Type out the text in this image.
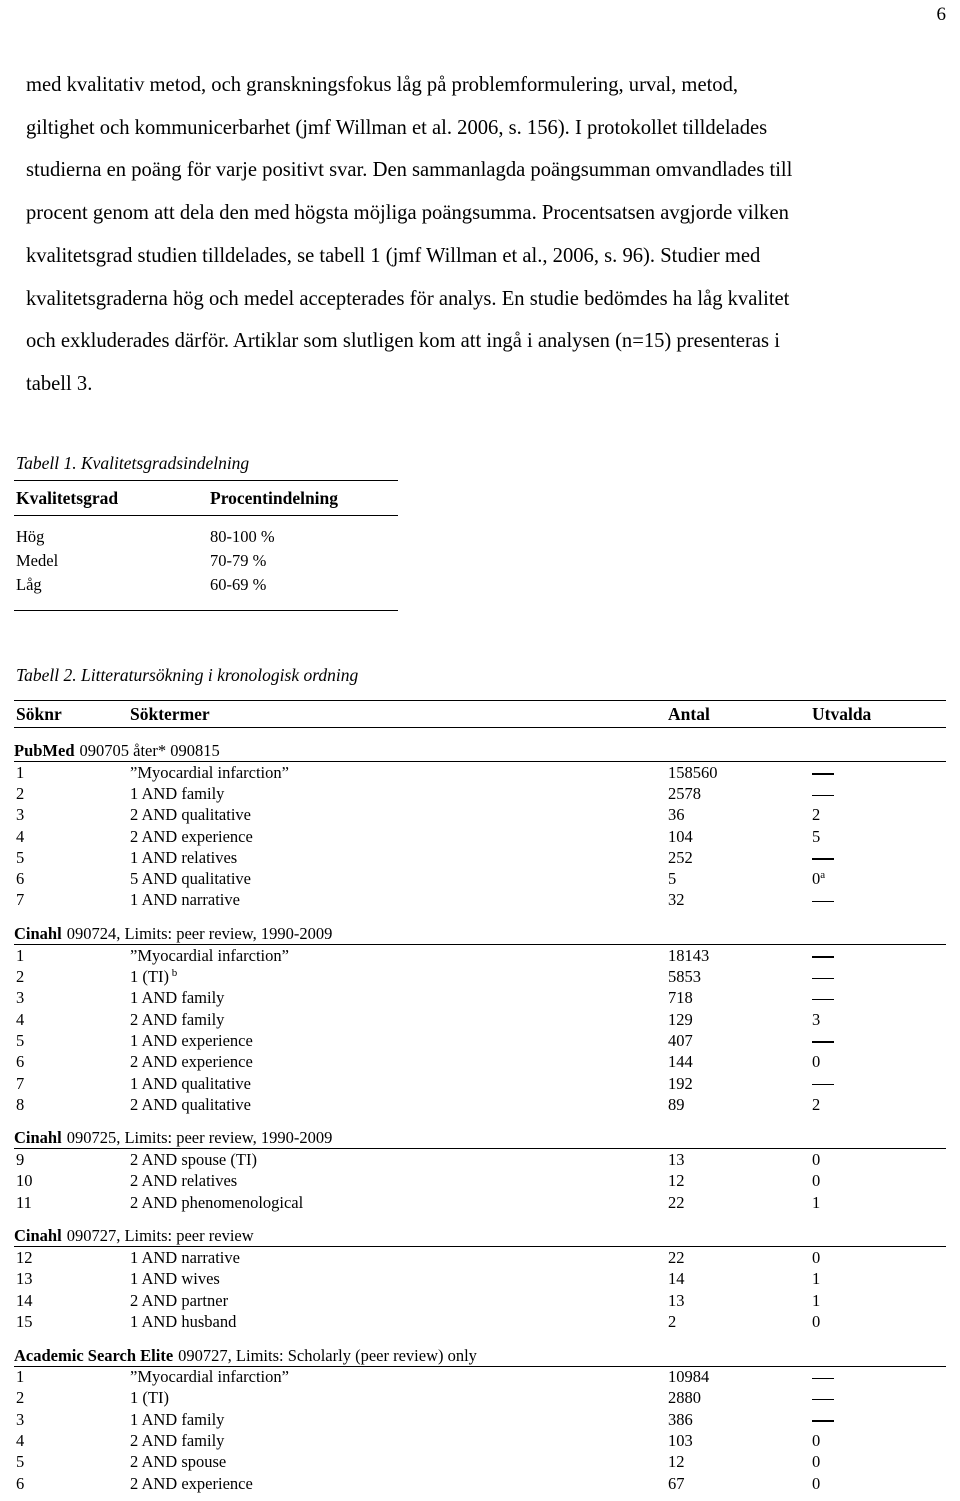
6
med kvalitativ metod, och granskningsfokus låg på problemformulering, urval, metod,
giltighet och kommunicerbarhet (jmf Willman et al. 2006, s. 156). I protokollet tilldelades
studierna en poäng för varje positivt svar. Den sammanlagda poängsumman omvandlades till
procent genom att dela den med högsta möjliga poängsumma. Procentsatsen avgjorde vilken
kvalitetsgrad studien tilldelades, se tabell 1 (jmf Willman et al., 2006, s. 96). Studier med
kvalitetsgraderna hög och medel accepterades för analys. En studie bedömdes ha låg kvalitet
och exkluderades därför. Artiklar som slutligen kom att ingå i analysen (n=15) presenteras i
tabell 3.
Tabell 1. Kvalitetsgradsindelning
Kvalitetsgrad	Procentindelning
Hög	80-100 %
Medel	70-79 %
Låg	60-69 %
Tabell 2. Litteratursökning i kronologisk ordning
Söknr	Söktermer	Antal	Utvalda
PubMed 090705 åter* 090815
1	”Myocardial infarction”	158560
2	1 AND family	2578
3	2 AND qualitative	36	2
4	2 AND experience	104	5
5	1 AND relatives	252
6	5 AND qualitative	5	0$^a$
7	1 AND narrative	32
Cinahl 090724, Limits: peer review, 1990-2009
1	”Myocardial infarction”	18143
2	1 (TI) $^b$	5853
3	1 AND family	718
4	2 AND family	129	3
5	1 AND experience	407
6	2 AND experience	144	0
7	1 AND qualitative	192
8	2 AND qualitative	89	2
Cinahl 090725, Limits: peer review, 1990-2009
9	2 AND spouse (TI)	13	0
10	2 AND relatives	12	0
11	2 AND phenomenological	22	1
Cinahl 090727, Limits: peer review
12	1 AND narrative	22	0
13	1 AND wives	14	1
14	2 AND partner	13	1
15	1 AND husband	2	0
Academic Search Elite 090727, Limits: Scholarly (peer review) only
1	”Myocardial infarction”	10984
2	1 (TI)	2880
3	1 AND family	386
4	2 AND family	103	0
5	2 AND spouse	12	0
6	2 AND experience	67	0
